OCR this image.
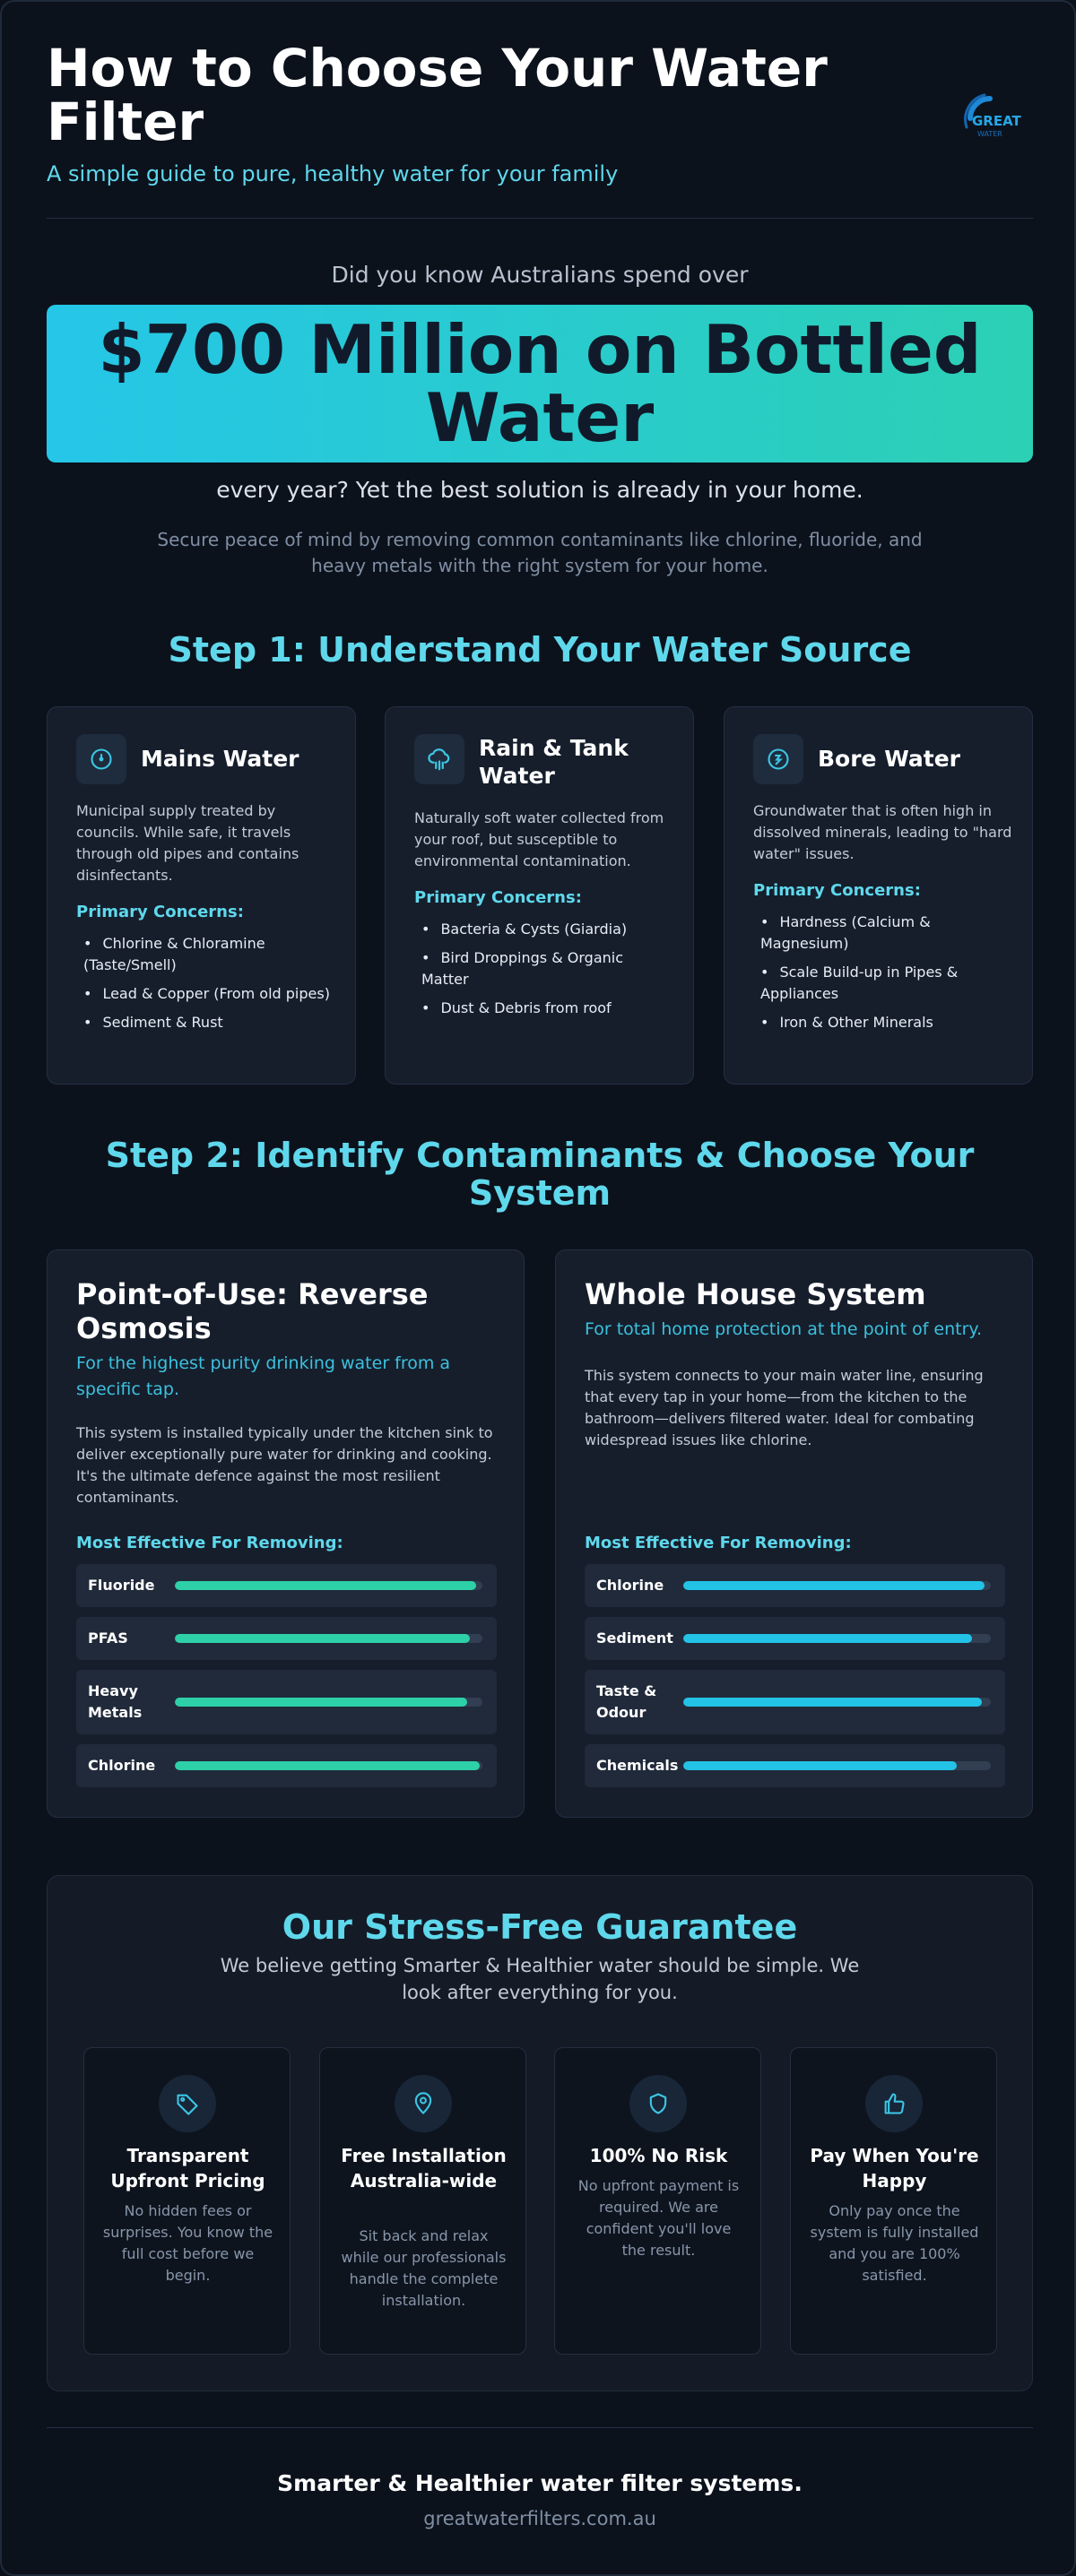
How to Choose Your Water Filter
A simple guide to pure, healthy water for your family
GREAT
WATER
Did you know Australians spend over
$700 Million on Bottled Water
every year? Yet the best solution is already in your home.
Secure peace of mind by removing common contaminants like chlorine, fluoride, and heavy metals with the right system for your home.
Step 1: Understand Your Water Source
Mains Water
Municipal supply treated by councils. While safe, it travels through old pipes and contains disinfectants.
Primary Concerns:
• Chlorine & Chloramine (Taste/Smell)
• Lead & Copper (From old pipes)
• Sediment & Rust
Rain & Tank Water
Naturally soft water collected from your roof, but susceptible to environmental contamination.
Primary Concerns:
• Bacteria & Cysts (Giardia)
• Bird Droppings & Organic Matter
• Dust & Debris from roof
Bore Water
Groundwater that is often high in dissolved minerals, leading to "hard water" issues.
Primary Concerns:
• Hardness (Calcium & Magnesium)
• Scale Build-up in Pipes & Appliances
• Iron & Other Minerals
Step 2: Identify Contaminants & Choose Your System
Point-of-Use: Reverse Osmosis
For the highest purity drinking water from a specific tap.
This system is installed typically under the kitchen sink to deliver exceptionally pure water for drinking and cooking. It's the ultimate defence against the most resilient contaminants.
Most Effective For Removing:
Fluoride
PFAS
Heavy Metals
Chlorine
Whole House System
For total home protection at the point of entry.
This system connects to your main water line, ensuring that every tap in your home—from the kitchen to the bathroom—delivers filtered water. Ideal for combating widespread issues like chlorine.
Most Effective For Removing:
Chlorine
Sediment
Taste & Odour
Chemicals
Our Stress-Free Guarantee
We believe getting Smarter & Healthier water should be simple. We look after everything for you.
Transparent Upfront Pricing
No hidden fees or surprises. You know the full cost before we begin.
Free Installation Australia-wide
Sit back and relax while our professionals handle the complete installation.
100% No Risk
No upfront payment is required. We are confident you'll love the result.
Pay When You're Happy
Only pay once the system is fully installed and you are 100% satisfied.
Smarter & Healthier water filter systems.
greatwaterfilters.com.au
